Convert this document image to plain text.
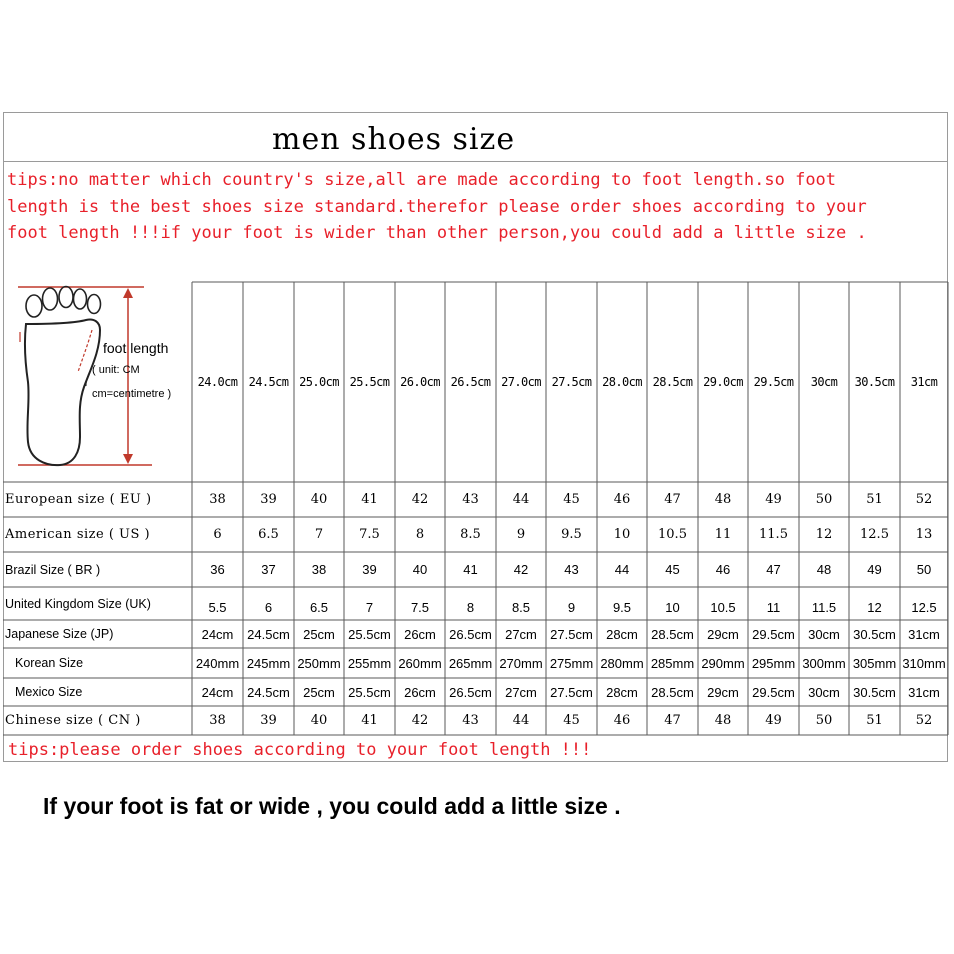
men shoes size
tips:no matter which country's size,all are made according to foot length.so foot
length is the best shoes size standard.therefor please order shoes according to your
foot length !!!if your foot is wider than other person,you could add a little size .
foot length
( unit: CM
cm=centimetre )
24.0cm 24.5cm 25.0cm 25.5cm 26.0cm 26.5cm 27.0cm 27.5cm 28.0cm 28.5cm 29.0cm 29.5cm	30cm	30.5cm	31cm
European size ( EU )	38	39	40	41	42	43	44	45	46	47	48	49	50	51	52
American size ( US )	6	6.5	7	7.5	8	8.5	9	9.5	10	10.5	11	11.5	12	12.5	13
Brazil Size ( BR )	36	37	38	39	40	41	42	43	44	45	46	47	48	49	50
United Kingdom Size (UK)	5.5	6	6.5	7	7.5	8	8.5	9	9.5	10	10.5	11	11.5	12	12.5
Japanese Size (JP)	24cm	24.5cm	25cm	25.5cm	26cm	26.5cm	27cm	27.5cm	28cm	28.5cm	29cm	29.5cm	30cm	30.5cm 31cm
Korean Size	240mm 245mm 250mm 255mm 260mm 265mm 270mm 275mm 280mm 285mm 290mm 295mm 300mm 305mm 310mm
Mexico Size	24cm	24.5cm	25cm	25.5cm	26cm	26.5cm	27cm	27.5cm	28cm	28.5cm	29cm	29.5cm	30cm	30.5cm 31cm
Chinese size ( CN )	38	39	40	41	42	43	44	45	46	47	48	49	50	51	52
tips:please order shoes according to your foot length !!!
If your foot is fat or wide , you could add a little size .
